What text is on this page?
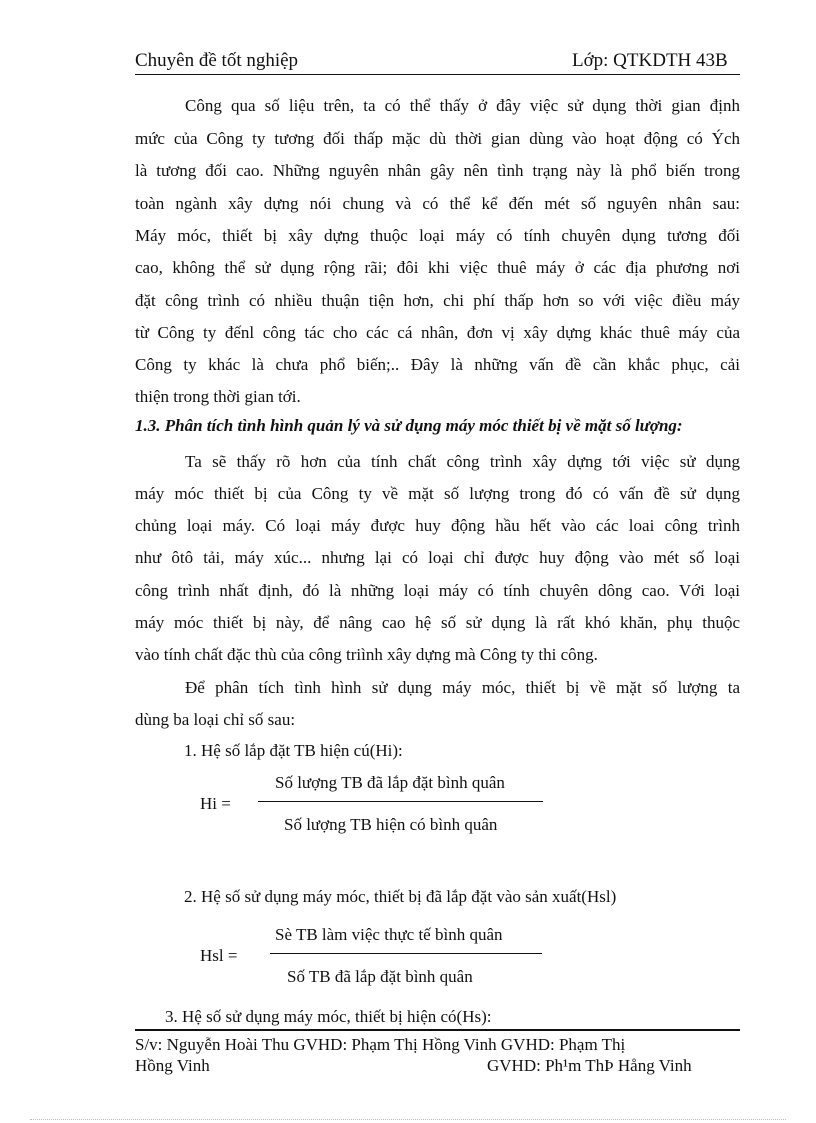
Chuyên đề tốt nghiệp	Lớp: QTKDTH 43B
Công qua số liệu trên, ta có thể thấy ở đây việc sử dụng thời gian định
mức của Công ty tương đối thấp mặc dù thời gian dùng vào hoạt động có Ých
là tương đối cao. Những nguyên nhân gây nên tình trạng này là phổ biến trong
toàn ngành xây dựng nói chung và có thể kể đến mét số nguyên nhân sau:
Máy móc, thiết bị xây dựng thuộc loại máy có tính chuyên dụng tương đối
cao, không thể sử dụng rộng rãi; đôi khi việc thuê máy ở các địa phương nơi
đặt công trình có nhiều thuận tiện hơn, chi phí thấp hơn so với việc điều máy
từ Công ty đếnl công tác cho các cá nhân, đơn vị xây dựng khác thuê máy của
Công ty khác là chưa phổ biến;.. Đây là những vấn đề cần khắc phục, cải
thiện trong thời gian tới.
1.3. Phân tích tình hình quản lý và sử dụng máy móc thiết bị về mặt số lượng:
Ta sẽ thấy rõ hơn của tính chất công trình xây dựng tới việc sử dụng
máy móc thiết bị của Công ty về mặt số lượng trong đó có vấn đề sử dụng
chủng loại máy. Có loại máy được huy động hầu hết vào các loai công trình
như ôtô tải, máy xúc... nhưng lại có loại chỉ được huy động vào mét số loại
công trình nhất định, đó là những loại máy có tính chuyên dông cao. Với loại
máy móc thiết bị này, để nâng cao hệ số sử dụng là rất khó khăn, phụ thuộc
vào tính chất đặc thù của công triình xây dựng mà Công ty thi công.
Để phân tích tình hình sử dụng máy móc, thiết bị về mặt số lượng ta
dùng ba loại chỉ số sau:
1. Hệ số lắp đặt TB hiện cú(Hi):
Hi =
Số lượng TB đã lắp đặt bình quân
Số lượng TB hiện có bình quân
2. Hệ số sử dụng máy móc, thiết bị đã lắp đặt vào sản xuất(Hsl)
Hsl =
Sè TB làm việc thực tế bình quân
Số TB đã lắp đặt bình quân
3. Hệ số sử dụng máy móc, thiết bị hiện có(Hs):
S/v: Nguyễn Hoài Thu GVHD: Phạm Thị Hồng Vinh GVHD: Phạm Thị
Hồng Vinh	GVHD: Ph¹m ThÞ Hång Vinh
